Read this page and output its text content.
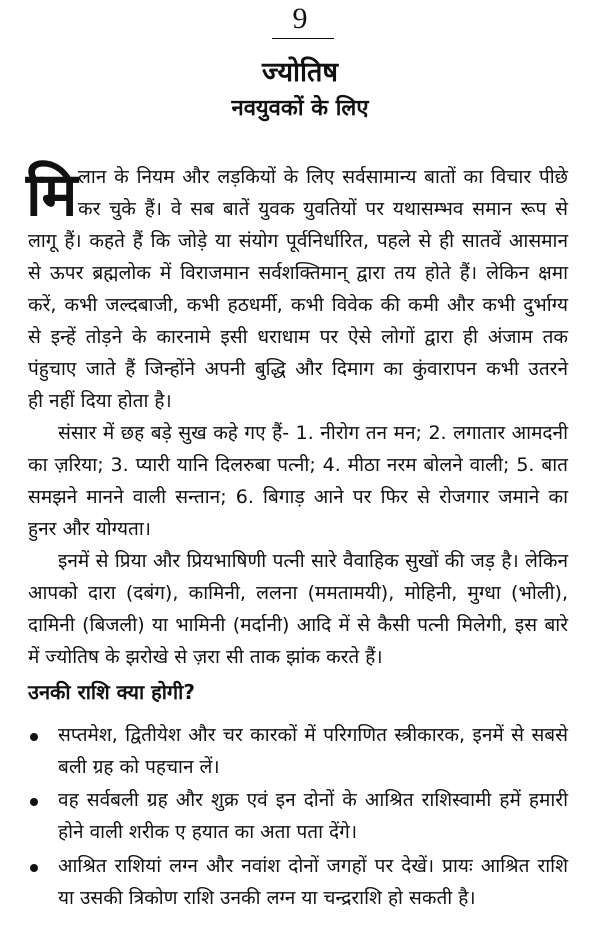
9
ज्योतिष
नवयुवकों के लिए
मि लान के नियम और लड़कियों के लिए सर्वसामान्य बातों का विचार पीछे
कर चुके हैं। वे सब बातें युवक युवतियों पर यथासम्भव समान रूप से
लागू हैं। कहते हैं कि जोड़े या संयोग पूर्वनिर्धारित, पहले से ही सातवें आसमान
से ऊपर ब्रह्मलोक में विराजमान सर्वशक्तिमान् द्वारा तय होते हैं। लेकिन क्षमा
करें, कभी जल्दबाजी, कभी हठधर्मी, कभी विवेक की कमी और कभी दुर्भाग्य
से इन्हें तोड़ने के कारनामे इसी धराधाम पर ऐसे लोगों द्वारा ही अंजाम तक
पंहुचाए जाते हैं जिन्होंने अपनी बुद्धि और दिमाग का कुंवारापन कभी उतरने
ही नहीं दिया होता है।
संसार में छह बड़े सुख कहे गए हैं- 1. नीरोग तन मन; 2. लगातार आमदनी
का ज़रिया; 3. प्यारी यानि दिलरुबा पत्नी; 4. मीठा नरम बोलने वाली; 5. बात
समझने मानने वाली सन्तान; 6. बिगाड़ आने पर फिर से रोजगार जमाने का
हुनर और योग्यता।
इनमें से प्रिया और प्रियभाषिणी पत्नी सारे वैवाहिक सुखों की जड़ है। लेकिन
आपको दारा (दबंग), कामिनी, ललना (ममतामयी), मोहिनी, मुग्धा (भोली),
दामिनी (बिजली) या भामिनी (मर्दानी) आदि में से कैसी पत्नी मिलेगी, इस बारे
में ज्योतिष के झरोखे से ज़रा सी ताक झांक करते हैं।
उनकी राशि क्या होगी?
सप्तमेश, द्वितीयेश और चर कारकों में परिगणित स्त्रीकारक, इनमें से सबसे
बली ग्रह को पहचान लें।
वह सर्वबली ग्रह और शुक्र एवं इन दोनों के आश्रित राशिस्वामी हमें हमारी
होने वाली शरीक ए हयात का अता पता देंगे।
आश्रित राशियां लग्न और नवांश दोनों जगहों पर देखें। प्रायः आश्रित राशि
या उसकी त्रिकोण राशि उनकी लग्न या चन्द्रराशि हो सकती है।
